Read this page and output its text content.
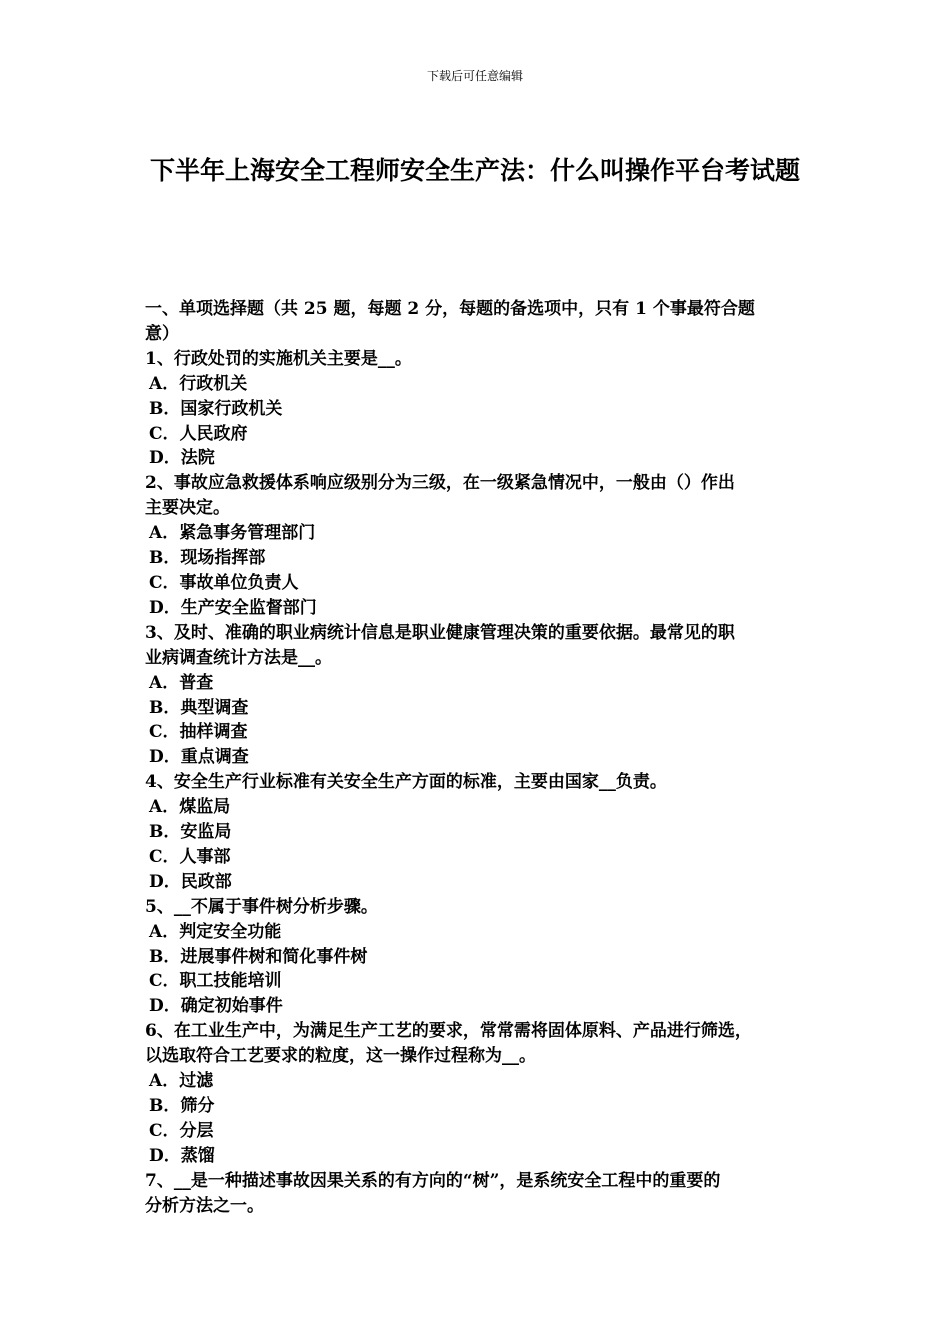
下载后可任意编辑
下半年上海安全工程师安全生产法：什么叫操作平台考试题
一、单项选择题（共 25 题，每题 2 分，每题的备选项中，只有 1 个事最符合题
意）
1、行政处罚的实施机关主要是__。
A．行政机关
B．国家行政机关
C．人民政府
D．法院
2、事故应急救援体系响应级别分为三级，在一级紧急情况中，一般由（）作出
主要决定。
A．紧急事务管理部门
B．现场指挥部
C．事故单位负责人
D．生产安全监督部门
3、及时、准确的职业病统计信息是职业健康管理决策的重要依据。最常见的职
业病调查统计方法是__。
A．普查
B．典型调查
C．抽样调查
D．重点调查
4、安全生产行业标准有关安全生产方面的标准，主要由国家__负责。
A．煤监局
B．安监局
C．人事部
D．民政部
5、__不属于事件树分析步骤。
A．判定安全功能
B．进展事件树和简化事件树
C．职工技能培训
D．确定初始事件
6、在工业生产中，为满足生产工艺的要求，常常需将固体原料、产品进行筛选，
以选取符合工艺要求的粒度，这一操作过程称为__。
A．过滤
B．筛分
C．分层
D．蒸馏
7、__是一种描述事故因果关系的有方向的“树”，是系统安全工程中的重要的
分析方法之一。
